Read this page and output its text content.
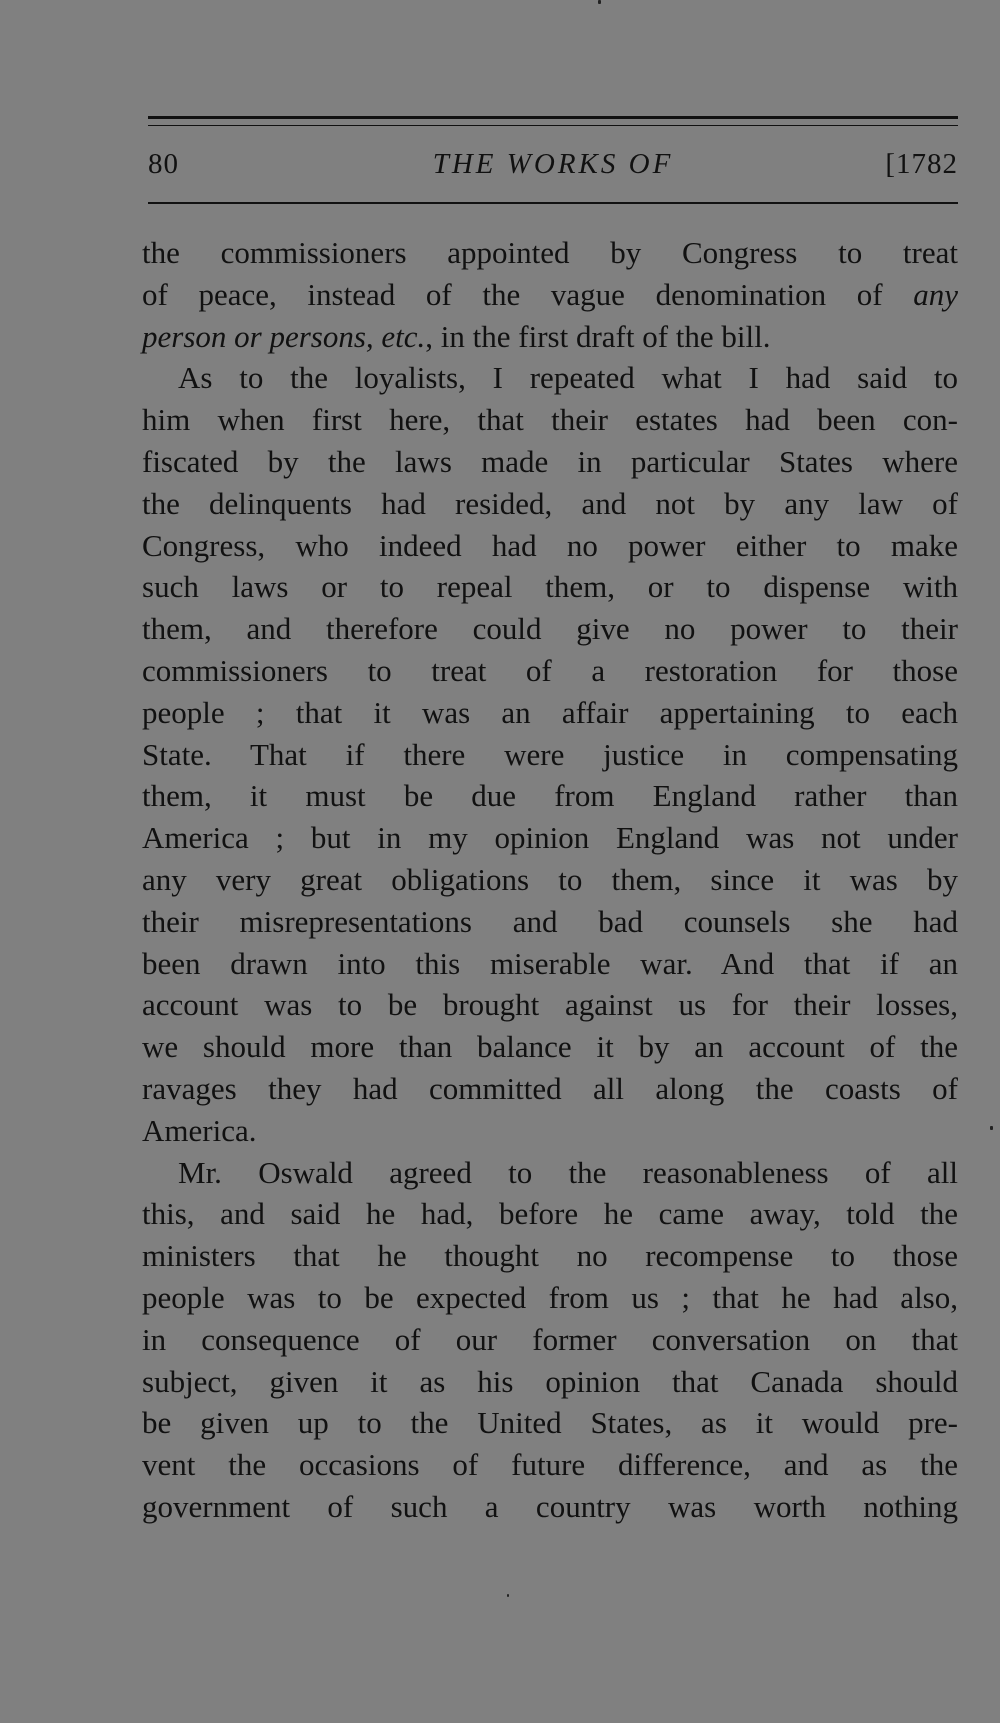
80	THE WORKS OF	[1782
the commissioners appointed by Congress to treat
of peace, instead of the vague denomination of any
person or persons, etc., in the first draft of the bill.
As to the loyalists, I repeated what I had said to
him when first here, that their estates had been con-
fiscated by the laws made in particular States where
the delinquents had resided, and not by any law of
Congress, who indeed had no power either to make
such laws or to repeal them, or to dispense with
them, and therefore could give no power to their
commissioners to treat of a restoration for those
people ; that it was an affair appertaining to each
State. That if there were justice in compensating
them, it must be due from England rather than
America ; but in my opinion England was not under
any very great obligations to them, since it was by
their misrepresentations and bad counsels she had
been drawn into this miserable war. And that if an
account was to be brought against us for their losses,
we should more than balance it by an account of the
ravages they had committed all along the coasts of
America.
Mr. Oswald agreed to the reasonableness of all
this, and said he had, before he came away, told the
ministers that he thought no recompense to those
people was to be expected from us ; that he had also,
in consequence of our former conversation on that
subject, given it as his opinion that Canada should
be given up to the United States, as it would pre-
vent the occasions of future difference, and as the
government of such a country was worth nothing
